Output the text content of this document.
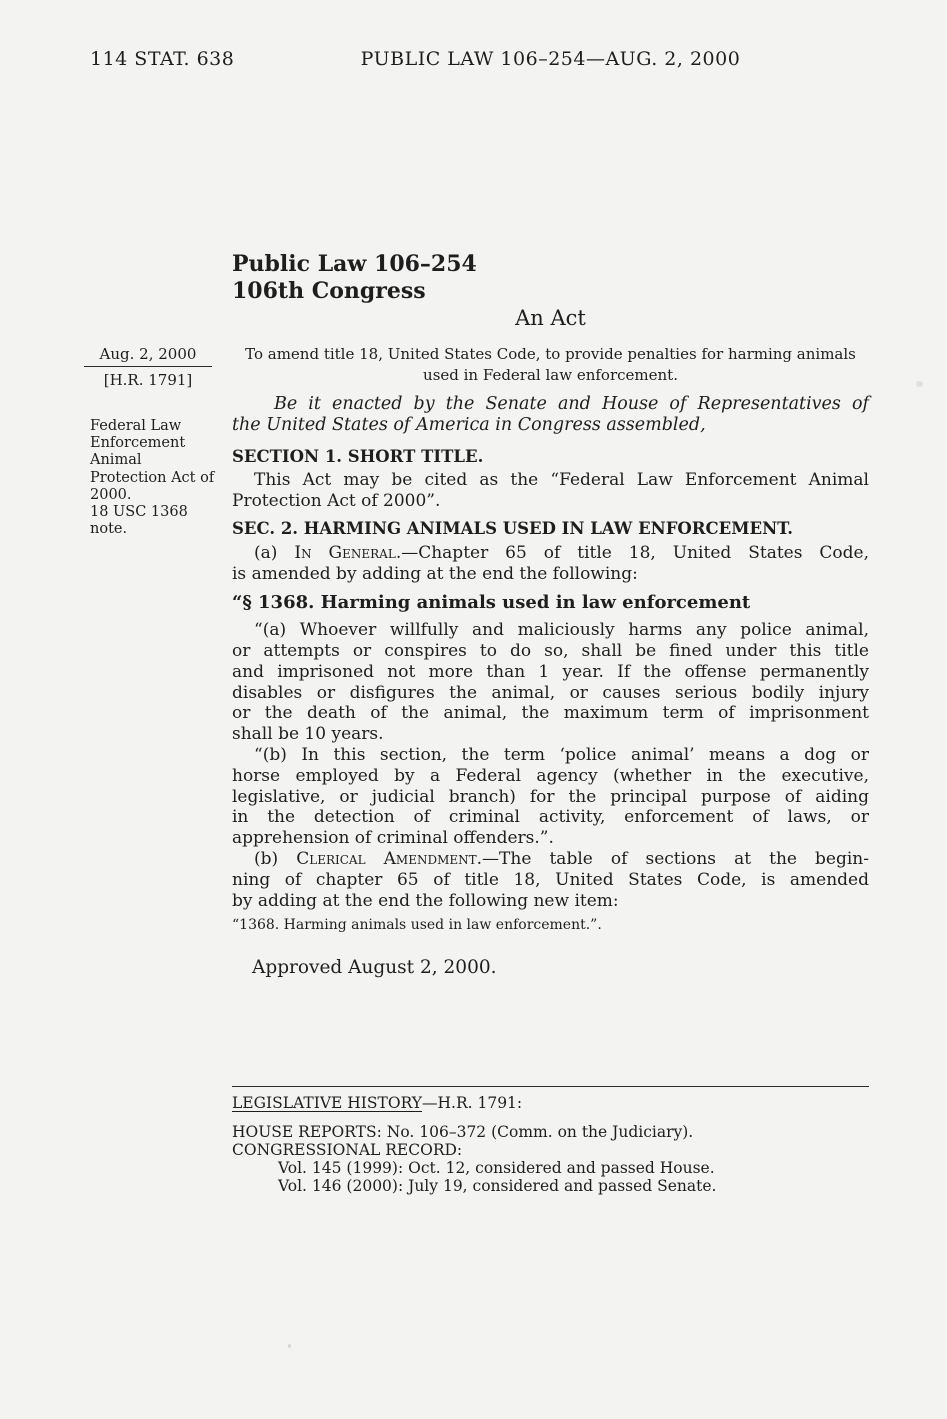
114 STAT. 638	PUBLIC LAW 106–254—AUG. 2, 2000
Public Law 106–254
106th Congress
An Act
To amend title 18, United States Code, to provide penalties for harming animals
used in Federal law enforcement.
Aug. 2, 2000
[H.R. 1791]
Federal Law
Enforcement
Animal
Protection Act of
2000.
18 USC 1368
note.
Be it enacted by the Senate and House of Representatives of
the United States of America in Congress assembled,
SECTION 1. SHORT TITLE.
This Act may be cited as the “Federal Law Enforcement Animal
Protection Act of 2000”.
SEC. 2. HARMING ANIMALS USED IN LAW ENFORCEMENT.
(a) In General.—Chapter 65 of title 18, United States Code,
is amended by adding at the end the following:
“§ 1368. Harming animals used in law enforcement
“(a) Whoever willfully and maliciously harms any police animal,
or attempts or conspires to do so, shall be fined under this title
and imprisoned not more than 1 year. If the offense permanently
disables or disfigures the animal, or causes serious bodily injury
or the death of the animal, the maximum term of imprisonment
shall be 10 years.
“(b) In this section, the term ‘police animal’ means a dog or
horse employed by a Federal agency (whether in the executive,
legislative, or judicial branch) for the principal purpose of aiding
in the detection of criminal activity, enforcement of laws, or
apprehension of criminal offenders.”.
(b) Clerical Amendment.—The table of sections at the begin-
ning of chapter 65 of title 18, United States Code, is amended
by adding at the end the following new item:
“1368. Harming animals used in law enforcement.”.
Approved August 2, 2000.
LEGISLATIVE HISTORY—H.R. 1791:
HOUSE REPORTS: No. 106–372 (Comm. on the Judiciary).
CONGRESSIONAL RECORD:
Vol. 145 (1999): Oct. 12, considered and passed House.
Vol. 146 (2000): July 19, considered and passed Senate.
